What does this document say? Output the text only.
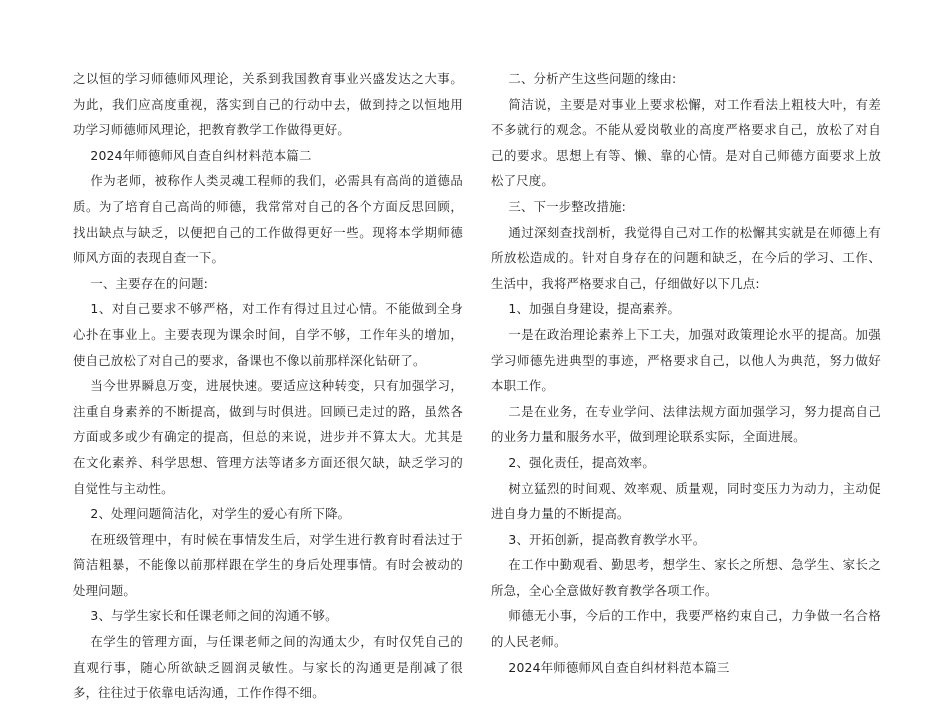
之以恒的学习师德师风理论，关系到我国教育事业兴盛发达之大事。为此，我们应高度重视，落实到自己的行动中去，做到持之以恒地用功学习师德师风理论，把教育教学工作做得更好。

2024年师德师风自查自纠材料范本篇二

作为老师，被称作人类灵魂工程师的我们，必需具有高尚的道德品质。为了培育自己高尚的师德，我常常对自己的各个方面反思回顾，找出缺点与缺乏，以便把自己的工作做得更好一些。现将本学期师德师风方面的表现自查一下。

一、主要存在的问题:

1、对自己要求不够严格，对工作有得过且过心情。不能做到全身心扑在事业上。主要表现为课余时间，自学不够，工作年头的增加，使自己放松了对自己的要求，备课也不像以前那样深化钻研了。

当今世界瞬息万变，进展快速。要适应这种转变，只有加强学习，注重自身素养的不断提高，做到与时俱进。回顾已走过的路，虽然各方面或多或少有确定的提高，但总的来说，进步并不算太大。尤其是在文化素养、科学思想、管理方法等诸多方面还很欠缺，缺乏学习的自觉性与主动性。

2、处理问题简洁化，对学生的爱心有所下降。

在班级管理中，有时候在事情发生后，对学生进行教育时看法过于简洁粗暴，不能像以前那样跟在学生的身后处理事情。有时会被动的处理问题。

3、与学生家长和任课老师之间的沟通不够。

在学生的管理方面，与任课老师之间的沟通太少，有时仅凭自己的直观行事，随心所欲缺乏圆润灵敏性。与家长的沟通更是削减了很多，往往过于依靠电话沟通，工作作得不细。

二、分析产生这些问题的缘由:

简洁说，主要是对事业上要求松懈，对工作看法上粗枝大叶，有差不多就行的观念。不能从爱岗敬业的高度严格要求自己，放松了对自己的要求。思想上有等、懒、靠的心情。是对自己师德方面要求上放松了尺度。

三、下一步整改措施:

通过深刻查找剖析，我觉得自己对工作的松懈其实就是在师德上有所放松造成的。针对自身存在的问题和缺乏，在今后的学习、工作、生活中，我将严格要求自己，仔细做好以下几点:

1、加强自身建设，提高素养。

一是在政治理论素养上下工夫，加强对政策理论水平的提高。加强学习师德先进典型的事迹，严格要求自己，以他人为典范，努力做好本职工作。

二是在业务，在专业学问、法律法规方面加强学习，努力提高自己的业务力量和服务水平，做到理论联系实际，全面进展。

2、强化责任，提高效率。

树立猛烈的时间观、效率观、质量观，同时变压力为动力，主动促进自身力量的不断提高。

3、开拓创新，提高教育教学水平。

在工作中勤观看、勤思考，想学生、家长之所想、急学生、家长之所急，全心全意做好教育教学各项工作。

师德无小事，今后的工作中，我要严格约束自己，力争做一名合格的人民老师。

2024年师德师风自查自纠材料范本篇三
